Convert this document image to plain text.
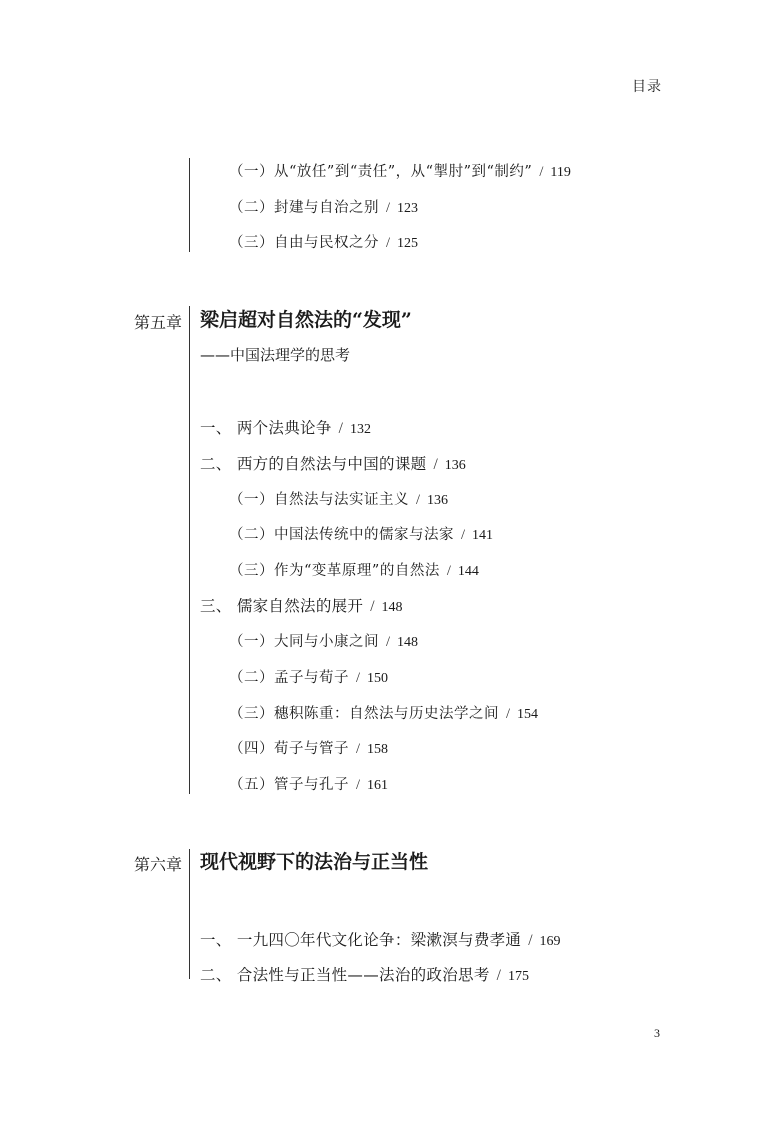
目录
（一）从“放任”到“责任”，从“掣肘”到“制约” / 119
（二）封建与自治之别 / 123
（三）自由与民权之分 / 125
第五章 梁启超对自然法的“发现”
——中国法理学的思考
一、 两个法典论争 / 132
二、 西方的自然法与中国的课题 / 136
（一）自然法与法实证主义 / 136
（二）中国法传统中的儒家与法家 / 141
（三）作为“变革原理”的自然法 / 144
三、 儒家自然法的展开 / 148
（一）大同与小康之间 / 148
（二）孟子与荀子 / 150
（三）穗积陈重：自然法与历史法学之间 / 154
（四）荀子与管子 / 158
（五）管子与孔子 / 161
第六章 现代视野下的法治与正当性
一、 一九四〇年代文化论争：梁漱溟与费孝通 / 169
二、 合法性与正当性——法治的政治思考 / 175
3
